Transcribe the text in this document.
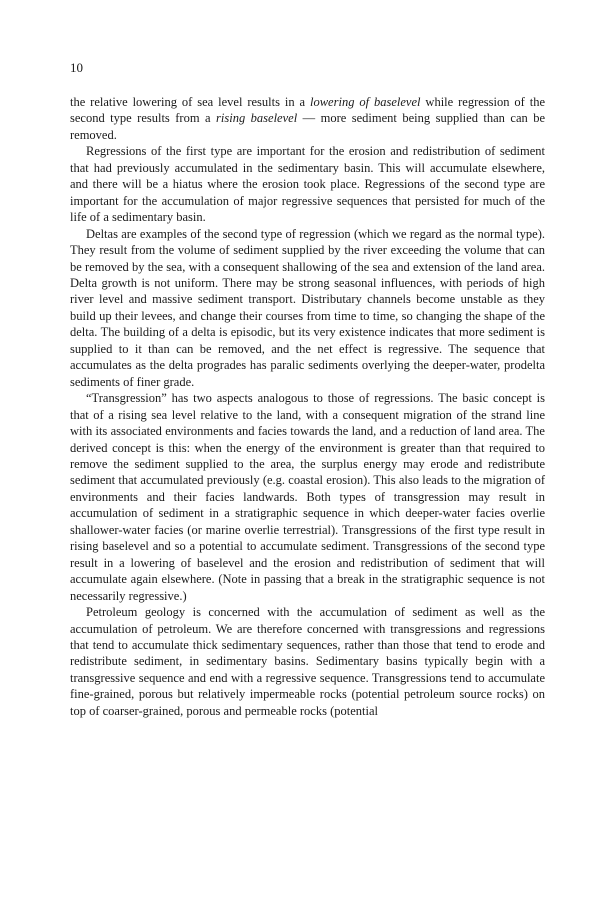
10

the relative lowering of sea level results in a lowering of baselevel while regression of the second type results from a rising baselevel — more sediment being supplied than can be removed.

Regressions of the first type are important for the erosion and redistribution of sediment that had previously accumulated in the sedimentary basin. This will accumulate elsewhere, and there will be a hiatus where the erosion took place. Regressions of the second type are important for the accumulation of major regressive sequences that persisted for much of the life of a sedimentary basin.

Deltas are examples of the second type of regression (which we regard as the normal type). They result from the volume of sediment supplied by the river exceeding the volume that can be removed by the sea, with a consequent shallowing of the sea and extension of the land area. Delta growth is not uniform. There may be strong seasonal influences, with periods of high river level and massive sediment transport. Distributary channels become unstable as they build up their levees, and change their courses from time to time, so changing the shape of the delta. The building of a delta is episodic, but its very existence indicates that more sediment is supplied to it than can be removed, and the net effect is regressive. The sequence that accumulates as the delta progrades has paralic sediments overlying the deeper-water, prodelta sediments of finer grade.

“Transgression” has two aspects analogous to those of regressions. The basic concept is that of a rising sea level relative to the land, with a consequent migration of the strand line with its associated environments and facies towards the land, and a reduction of land area. The derived concept is this: when the energy of the environment is greater than that required to remove the sediment supplied to the area, the surplus energy may erode and redistribute sediment that accumulated previously (e.g. coastal erosion). This also leads to the migration of environments and their facies landwards. Both types of transgression may result in accumulation of sediment in a stratigraphic sequence in which deeper-water facies overlie shallower-water facies (or marine overlie terrestrial). Transgressions of the first type result in rising baselevel and so a potential to accumulate sediment. Transgressions of the second type result in a lowering of baselevel and the erosion and redistribution of sediment that will accumulate again elsewhere. (Note in passing that a break in the stratigraphic sequence is not necessarily regressive.)

Petroleum geology is concerned with the accumulation of sediment as well as the accumulation of petroleum. We are therefore concerned with transgressions and regressions that tend to accumulate thick sedimentary sequences, rather than those that tend to erode and redistribute sediment, in sedimentary basins. Sedimentary basins typically begin with a transgressive sequence and end with a regressive sequence. Transgressions tend to accumulate fine-grained, porous but relatively impermeable rocks (potential petroleum source rocks) on top of coarser-grained, porous and permeable rocks (potential
